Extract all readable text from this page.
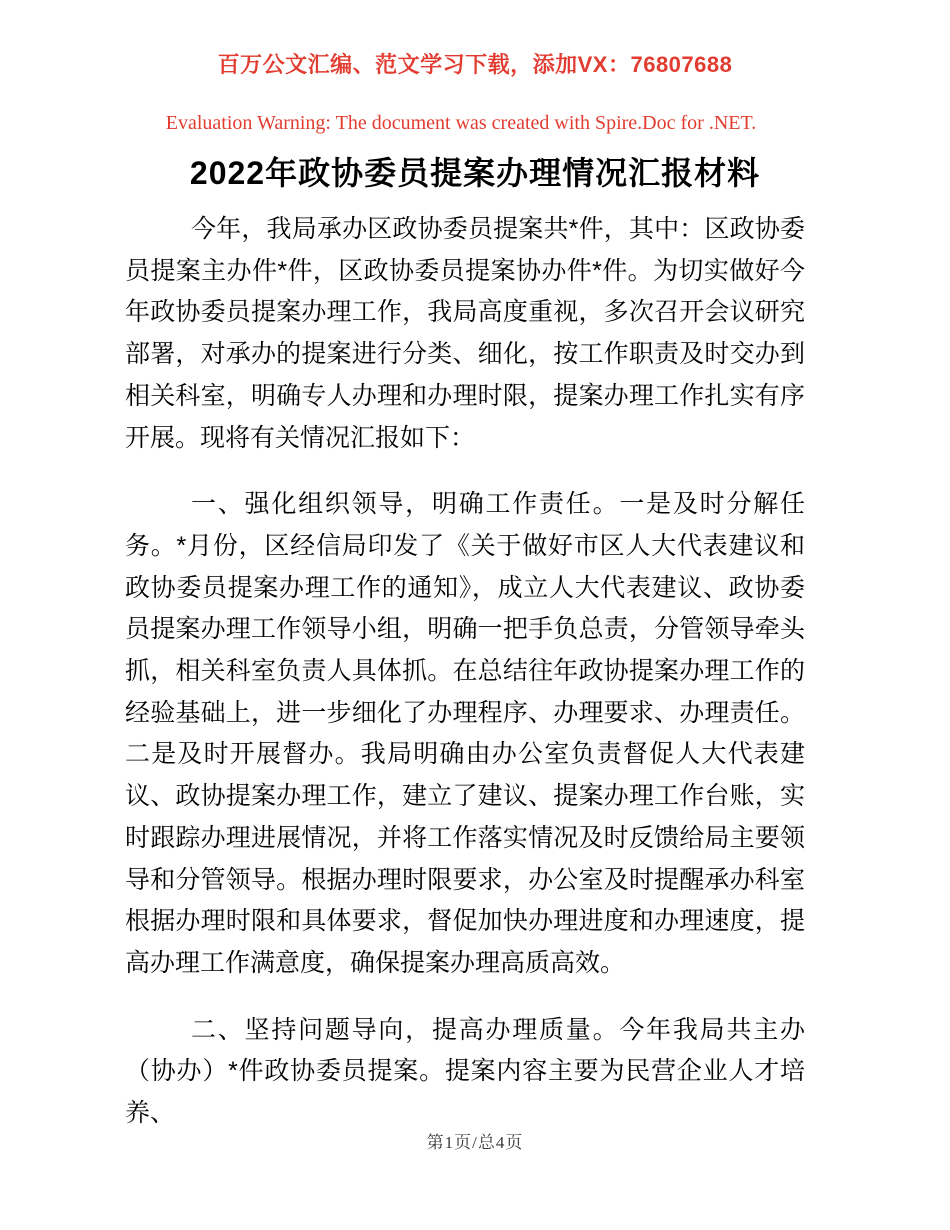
百万公文汇编、范文学习下载，添加VX：76807688
Evaluation Warning: The document was created with Spire.Doc for .NET.
2022年政协委员提案办理情况汇报材料

今年，我局承办区政协委员提案共*件，其中：区政协委员提案主办件*件，区政协委员提案协办件*件。为切实做好今年政协委员提案办理工作，我局高度重视，多次召开会议研究部署，对承办的提案进行分类、细化，按工作职责及时交办到相关科室，明确专人办理和办理时限，提案办理工作扎实有序开展。现将有关情况汇报如下：

一、强化组织领导，明确工作责任。一是及时分解任务。*月份，区经信局印发了《关于做好市区人大代表建议和政协委员提案办理工作的通知》，成立人大代表建议、政协委员提案办理工作领导小组，明确一把手负总责，分管领导牵头抓，相关科室负责人具体抓。在总结往年政协提案办理工作的经验基础上，进一步细化了办理程序、办理要求、办理责任。二是及时开展督办。我局明确由办公室负责督促人大代表建议、政协提案办理工作，建立了建议、提案办理工作台账，实时跟踪办理进展情况，并将工作落实情况及时反馈给局主要领导和分管领导。根据办理时限要求，办公室及时提醒承办科室根据办理时限和具体要求，督促加快办理进度和办理速度，提高办理工作满意度，确保提案办理高质高效。

二、坚持问题导向，提高办理质量。今年我局共主办（协办）*件政协委员提案。提案内容主要为民营企业人才培养、

第1页/总4页
